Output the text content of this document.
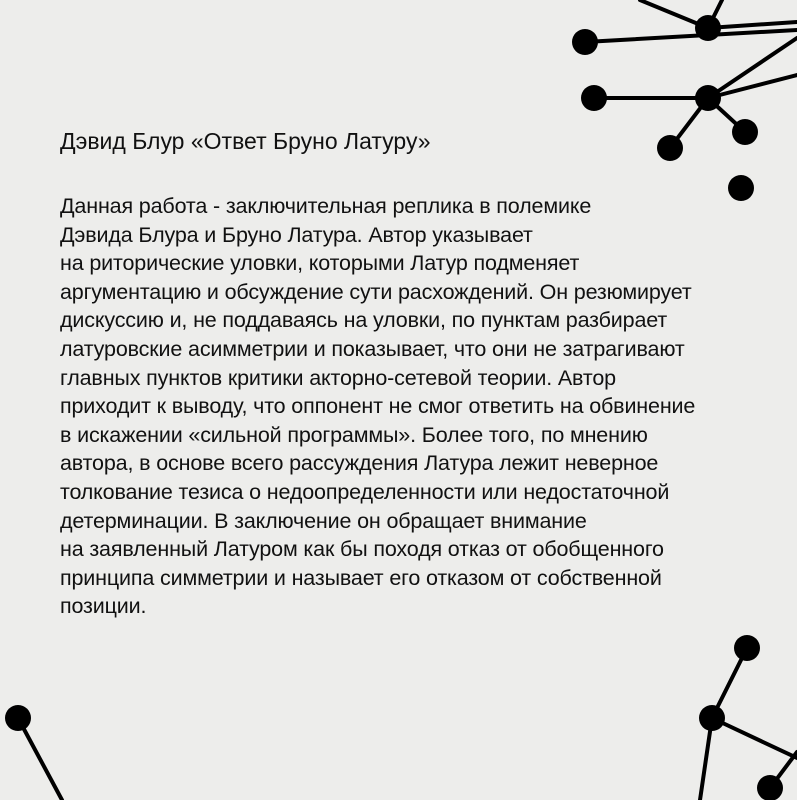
Дэвид Блур «Ответ Бруно Латуру»

Данная работа - заключительная реплика в полемике
Дэвида Блура и Бруно Латура. Автор указывает
на риторические уловки, которыми Латур подменяет
аргументацию и обсуждение сути расхождений. Он резюмирует
дискуссию и, не поддаваясь на уловки, по пунктам разбирает
латуровские асимметрии и показывает, что они не затрагивают
главных пунктов критики акторно-сетевой теории. Автор
приходит к выводу, что оппонент не смог ответить на обвинение
в искажении «сильной программы». Более того, по мнению
автора, в основе всего рассуждения Латура лежит неверное
толкование тезиса о недоопределенности или недостаточной
детерминации. В заключение он обращает внимание
на заявленный Латуром как бы походя отказ от обобщенного
принципа симметрии и называет его отказом от собственной
позиции.
